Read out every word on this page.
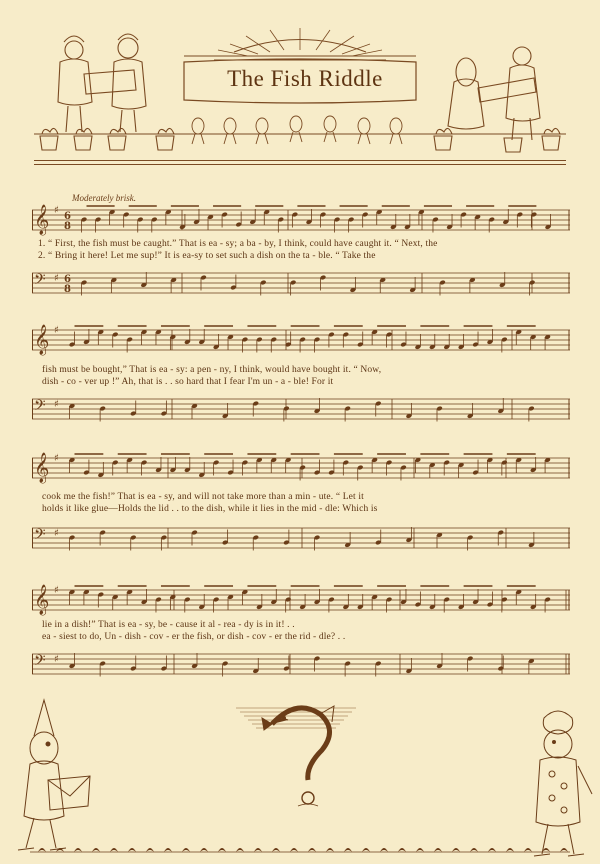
The Fish Riddle
Moderately brisk.
𝄞 ♯
6
8
1. “ First, the fish must be caught.” That is ea - sy; a ba - by, I think, could have caught it. “ Next, the
2. “ Bring it here! Let me sup!” It is ea-sy to set such a dish on the ta - ble. “ Take the
𝄢 ♯ 6
8
𝄞 ♯
fish must be bought,” That is ea - sy: a pen - ny, I think, would have bought it. “ Now,
dish - co - ver up !” Ah, that is . . so hard that I fear I'm un - a - ble! For it
𝄢 ♯
𝄞 ♯
cook me the fish!” That is ea - sy, and will not take more than a min - ute. “ Let it
holds it like glue—Holds the lid . . to the dish, while it lies in the mid - dle: Which is
𝄢 ♯
𝄞 ♯
lie in a dish!” That is ea - sy, be - cause it al - rea - dy is in it! . .
ea - siest to do, Un - dish - cov - er the fish, or dish - cov - er the rid - dle? . .
𝄢 ♯
